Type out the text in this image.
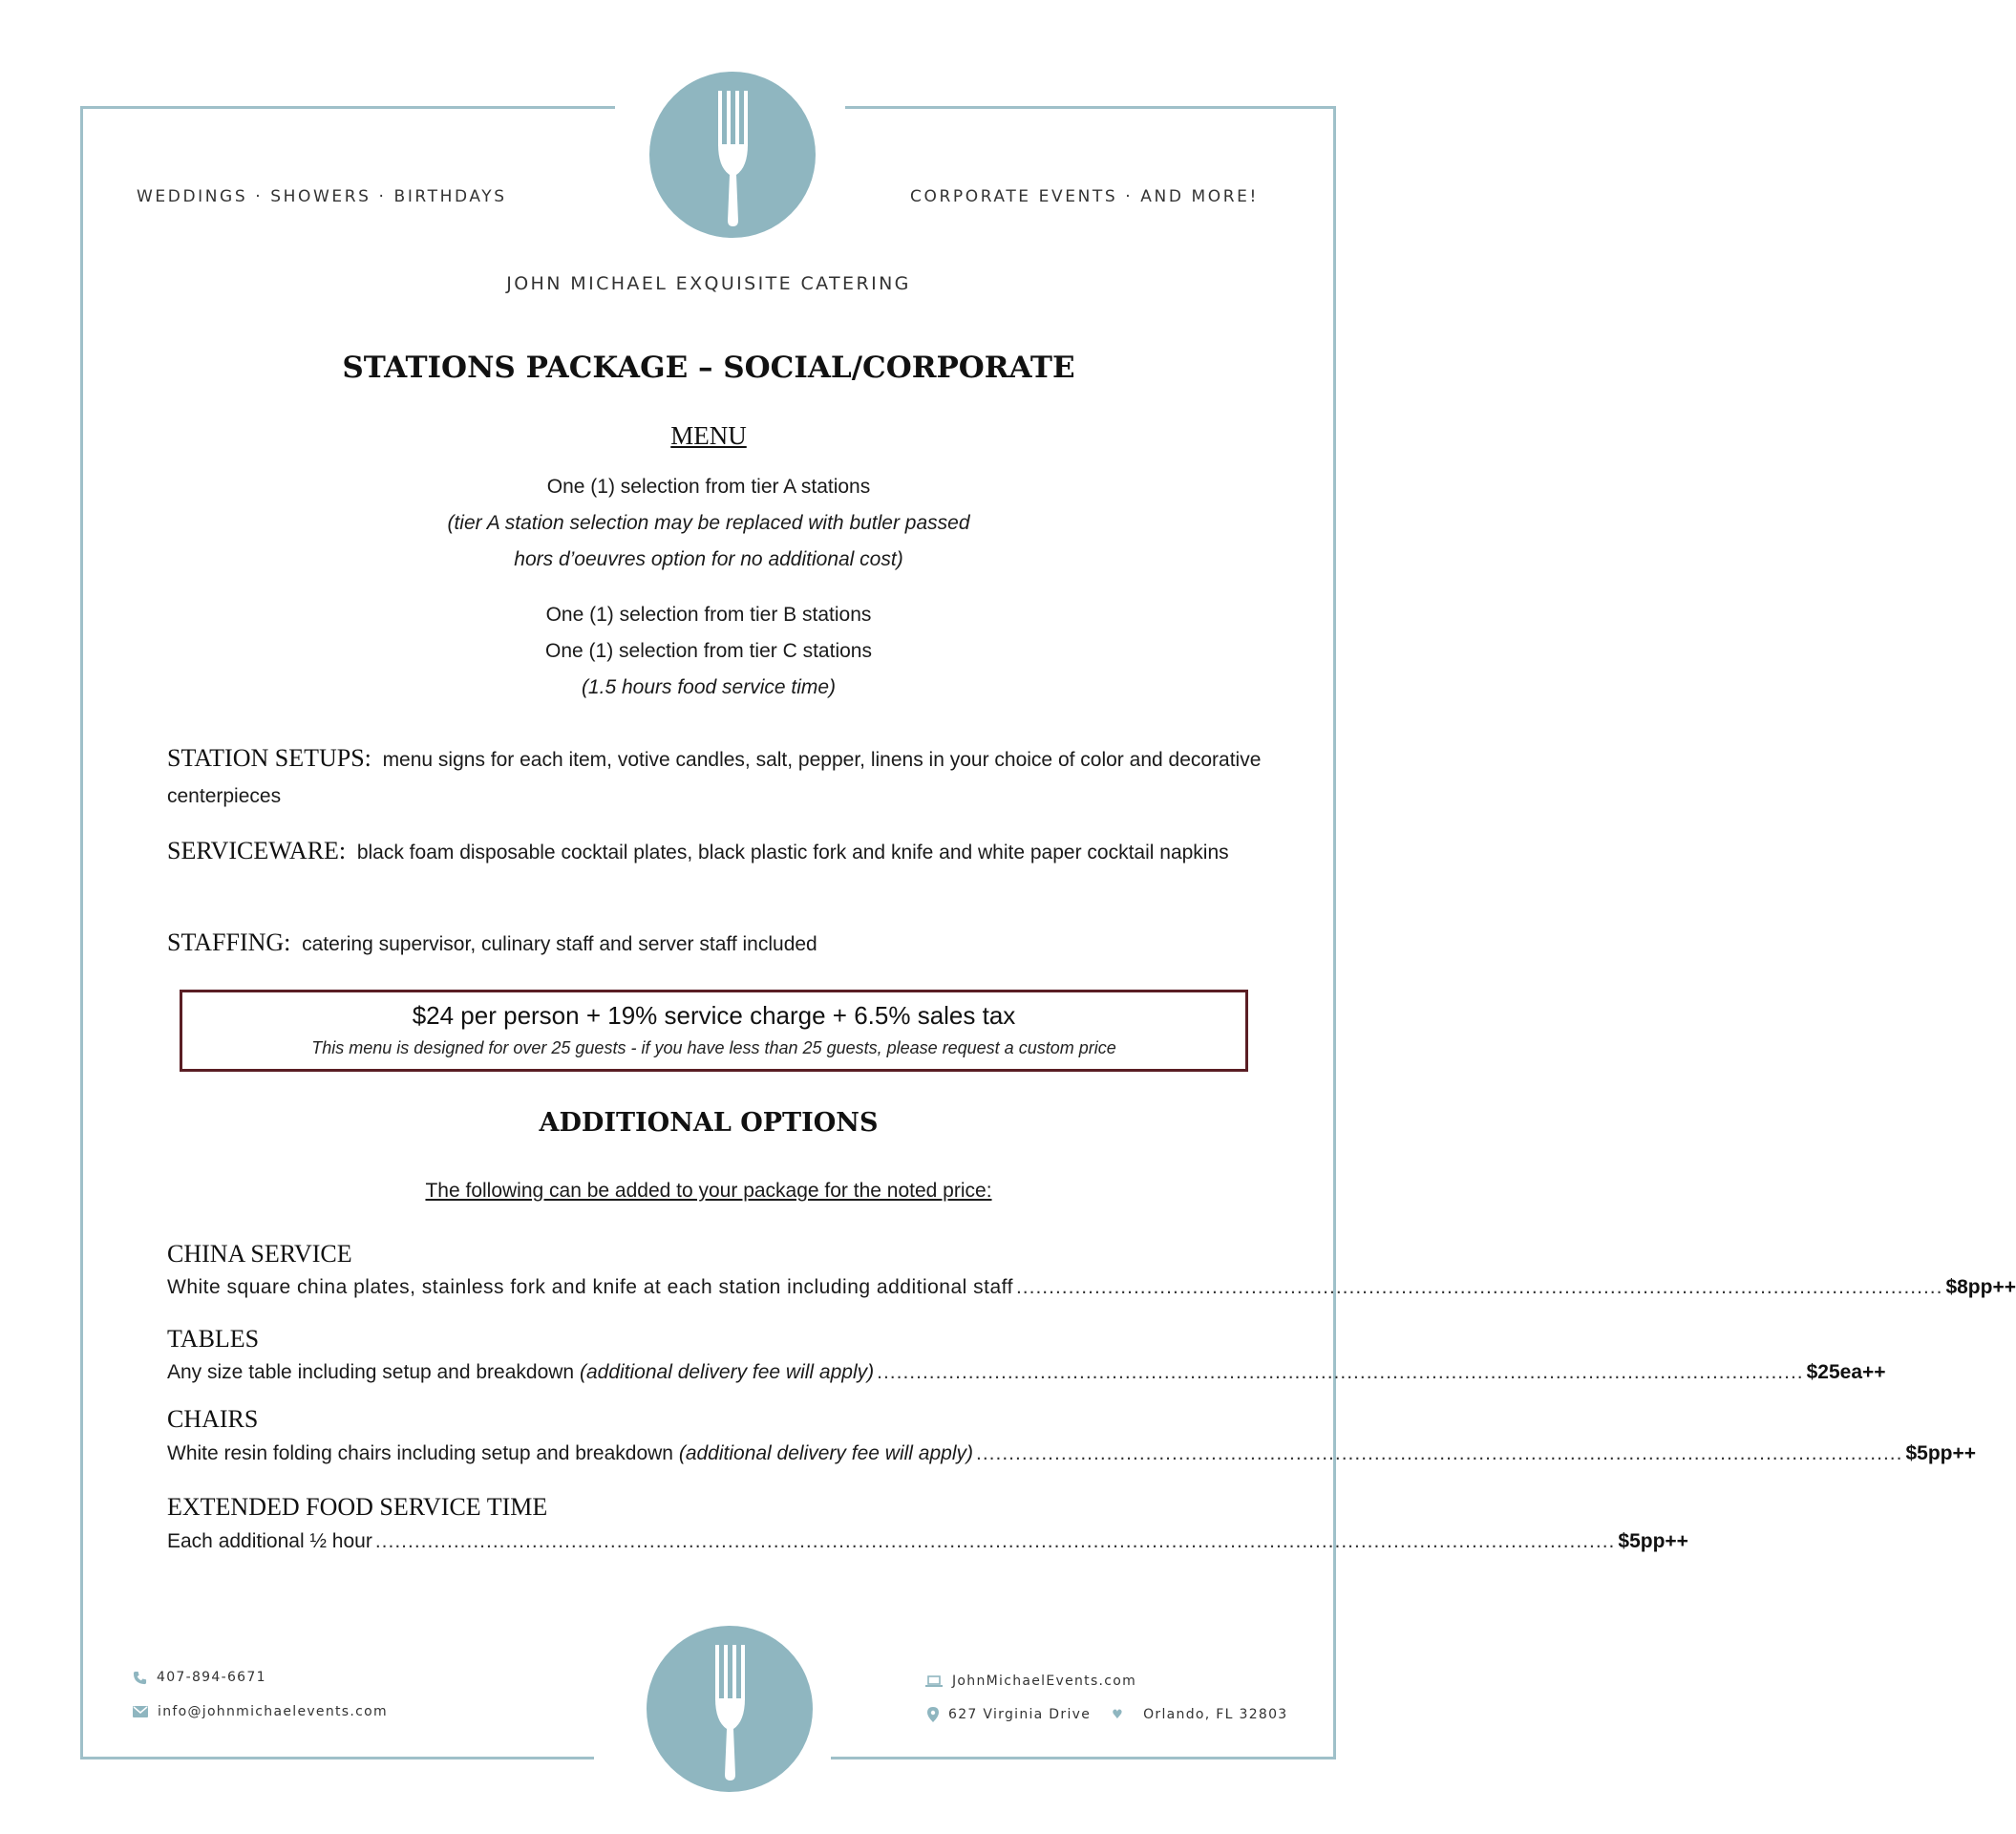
WEDDINGS · SHOWERS · BIRTHDAYS	CORPORATE EVENTS · AND MORE!
JOHN MICHAEL EXQUISITE CATERING
STATIONS PACKAGE – SOCIAL/CORPORATE
MENU
One (1) selection from tier A stations
(tier A station selection may be replaced with butler passed
hors d’oeuvres option for no additional cost)
One (1) selection from tier B stations
One (1) selection from tier C stations
(1.5 hours food service time)
STATION SETUPS: menu signs for each item, votive candles, salt, pepper, linens in your choice of color and decorative centerpieces
SERVICEWARE: black foam disposable cocktail plates, black plastic fork and knife and white paper cocktail napkins
STAFFING: catering supervisor, culinary staff and server staff included
$24 per person + 19% service charge + 6.5% sales tax
This menu is designed for over 25 guests - if you have less than 25 guests, please request a custom price
ADDITIONAL OPTIONS
The following can be added to your package for the noted price:
CHINA SERVICE
White square china plates, stainless fork and knife at each station including additional staff .............................................................................................................................................. $8pp++
TABLES
Any size table including setup and breakdown
(additional delivery fee will apply) .............................................................................................................................................. $25ea++
CHAIRS
White resin folding chairs including setup and breakdown
(additional delivery fee will apply) .............................................................................................................................................. $5pp++
EXTENDED FOOD SERVICE TIME
Each additional ½ hour .............................................................................................................................................................................................. $5pp++
407-894-6671
info@johnmichaelevents.com
JohnMichaelEvents.com
627 Virginia Drive ♥ Orlando, FL 32803
